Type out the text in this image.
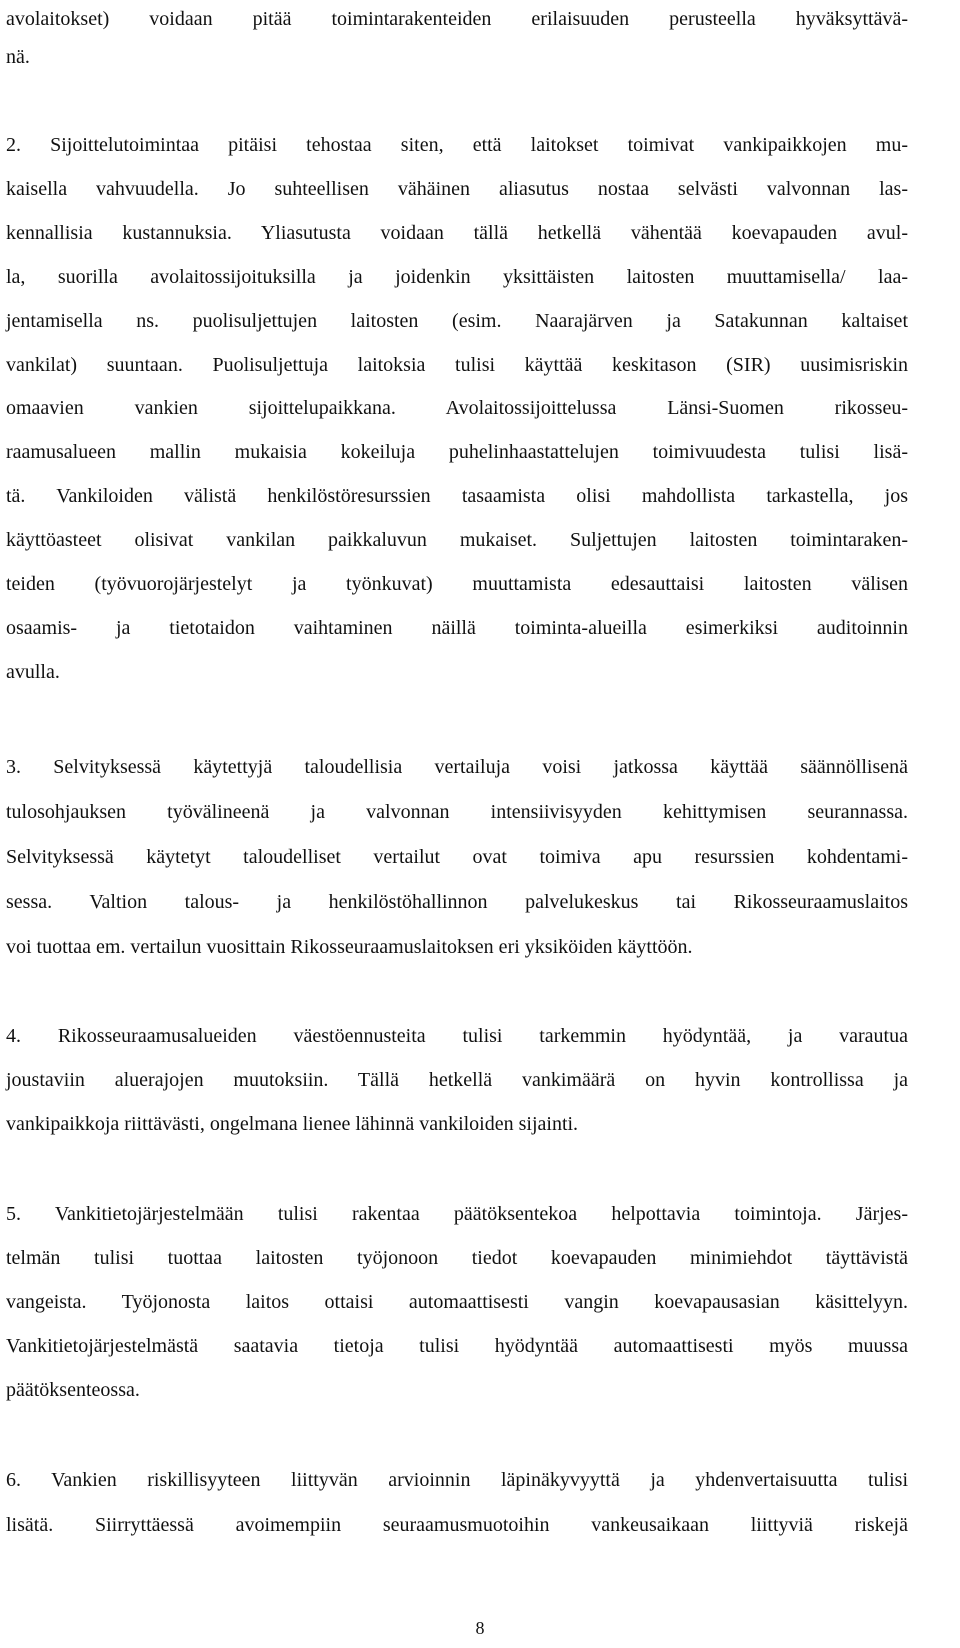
avolaitokset) voidaan pitää toimintarakenteiden erilaisuuden perusteella hyväksyttävä-
nä.
2. Sijoittelutoimintaa pitäisi tehostaa siten, että laitokset toimivat vankipaikkojen mu-
kaisella vahvuudella. Jo suhteellisen vähäinen aliasutus nostaa selvästi valvonnan las-
kennallisia kustannuksia. Yliasutusta voidaan tällä hetkellä vähentää koevapauden avul-
la, suorilla avolaitossijoituksilla ja joidenkin yksittäisten laitosten muuttamisella/ laa-
jentamisella ns. puolisuljettujen laitosten (esim. Naarajärven ja Satakunnan kaltaiset
vankilat) suuntaan. Puolisuljettuja laitoksia tulisi käyttää keskitason (SIR) uusimisriskin
omaavien vankien sijoittelupaikkana. Avolaitossijoittelussa Länsi-Suomen rikosseu-
raamusalueen mallin mukaisia kokeiluja puhelinhaastattelujen toimivuudesta tulisi lisä-
tä. Vankiloiden välistä henkilöstöresurssien tasaamista olisi mahdollista tarkastella, jos
käyttöasteet olisivat vankilan paikkaluvun mukaiset. Suljettujen laitosten toimintaraken-
teiden (työvuorojärjestelyt ja työnkuvat) muuttamista edesauttaisi laitosten välisen
osaamis- ja tietotaidon vaihtaminen näillä toiminta-alueilla esimerkiksi auditoinnin
avulla.
3. Selvityksessä käytettyjä taloudellisia vertailuja voisi jatkossa käyttää säännöllisenä
tulosohjauksen työvälineenä ja valvonnan intensiivisyyden kehittymisen seurannassa.
Selvityksessä käytetyt taloudelliset vertailut ovat toimiva apu resurssien kohdentami-
sessa. Valtion talous- ja henkilöstöhallinnon palvelukeskus tai Rikosseuraamuslaitos
voi tuottaa em. vertailun vuosittain Rikosseuraamuslaitoksen eri yksiköiden käyttöön.
4. Rikosseuraamusalueiden väestöennusteita tulisi tarkemmin hyödyntää, ja varautua
joustaviin aluerajojen muutoksiin. Tällä hetkellä vankimäärä on hyvin kontrollissa ja
vankipaikkoja riittävästi, ongelmana lienee lähinnä vankiloiden sijainti.
5. Vankitietojärjestelmään tulisi rakentaa päätöksentekoa helpottavia toimintoja. Järjes-
telmän tulisi tuottaa laitosten työjonoon tiedot koevapauden minimiehdot täyttävistä
vangeista. Työjonosta laitos ottaisi automaattisesti vangin koevapausasian käsittelyyn.
Vankitietojärjestelmästä saatavia tietoja tulisi hyödyntää automaattisesti myös muussa
päätöksenteossa.
6. Vankien riskillisyyteen liittyvän arvioinnin läpinäkyvyyttä ja yhdenvertaisuutta tulisi
lisätä. Siirryttäessä avoimempiin seuraamusmuotoihin vankeusaikaan liittyviä riskejä
8
